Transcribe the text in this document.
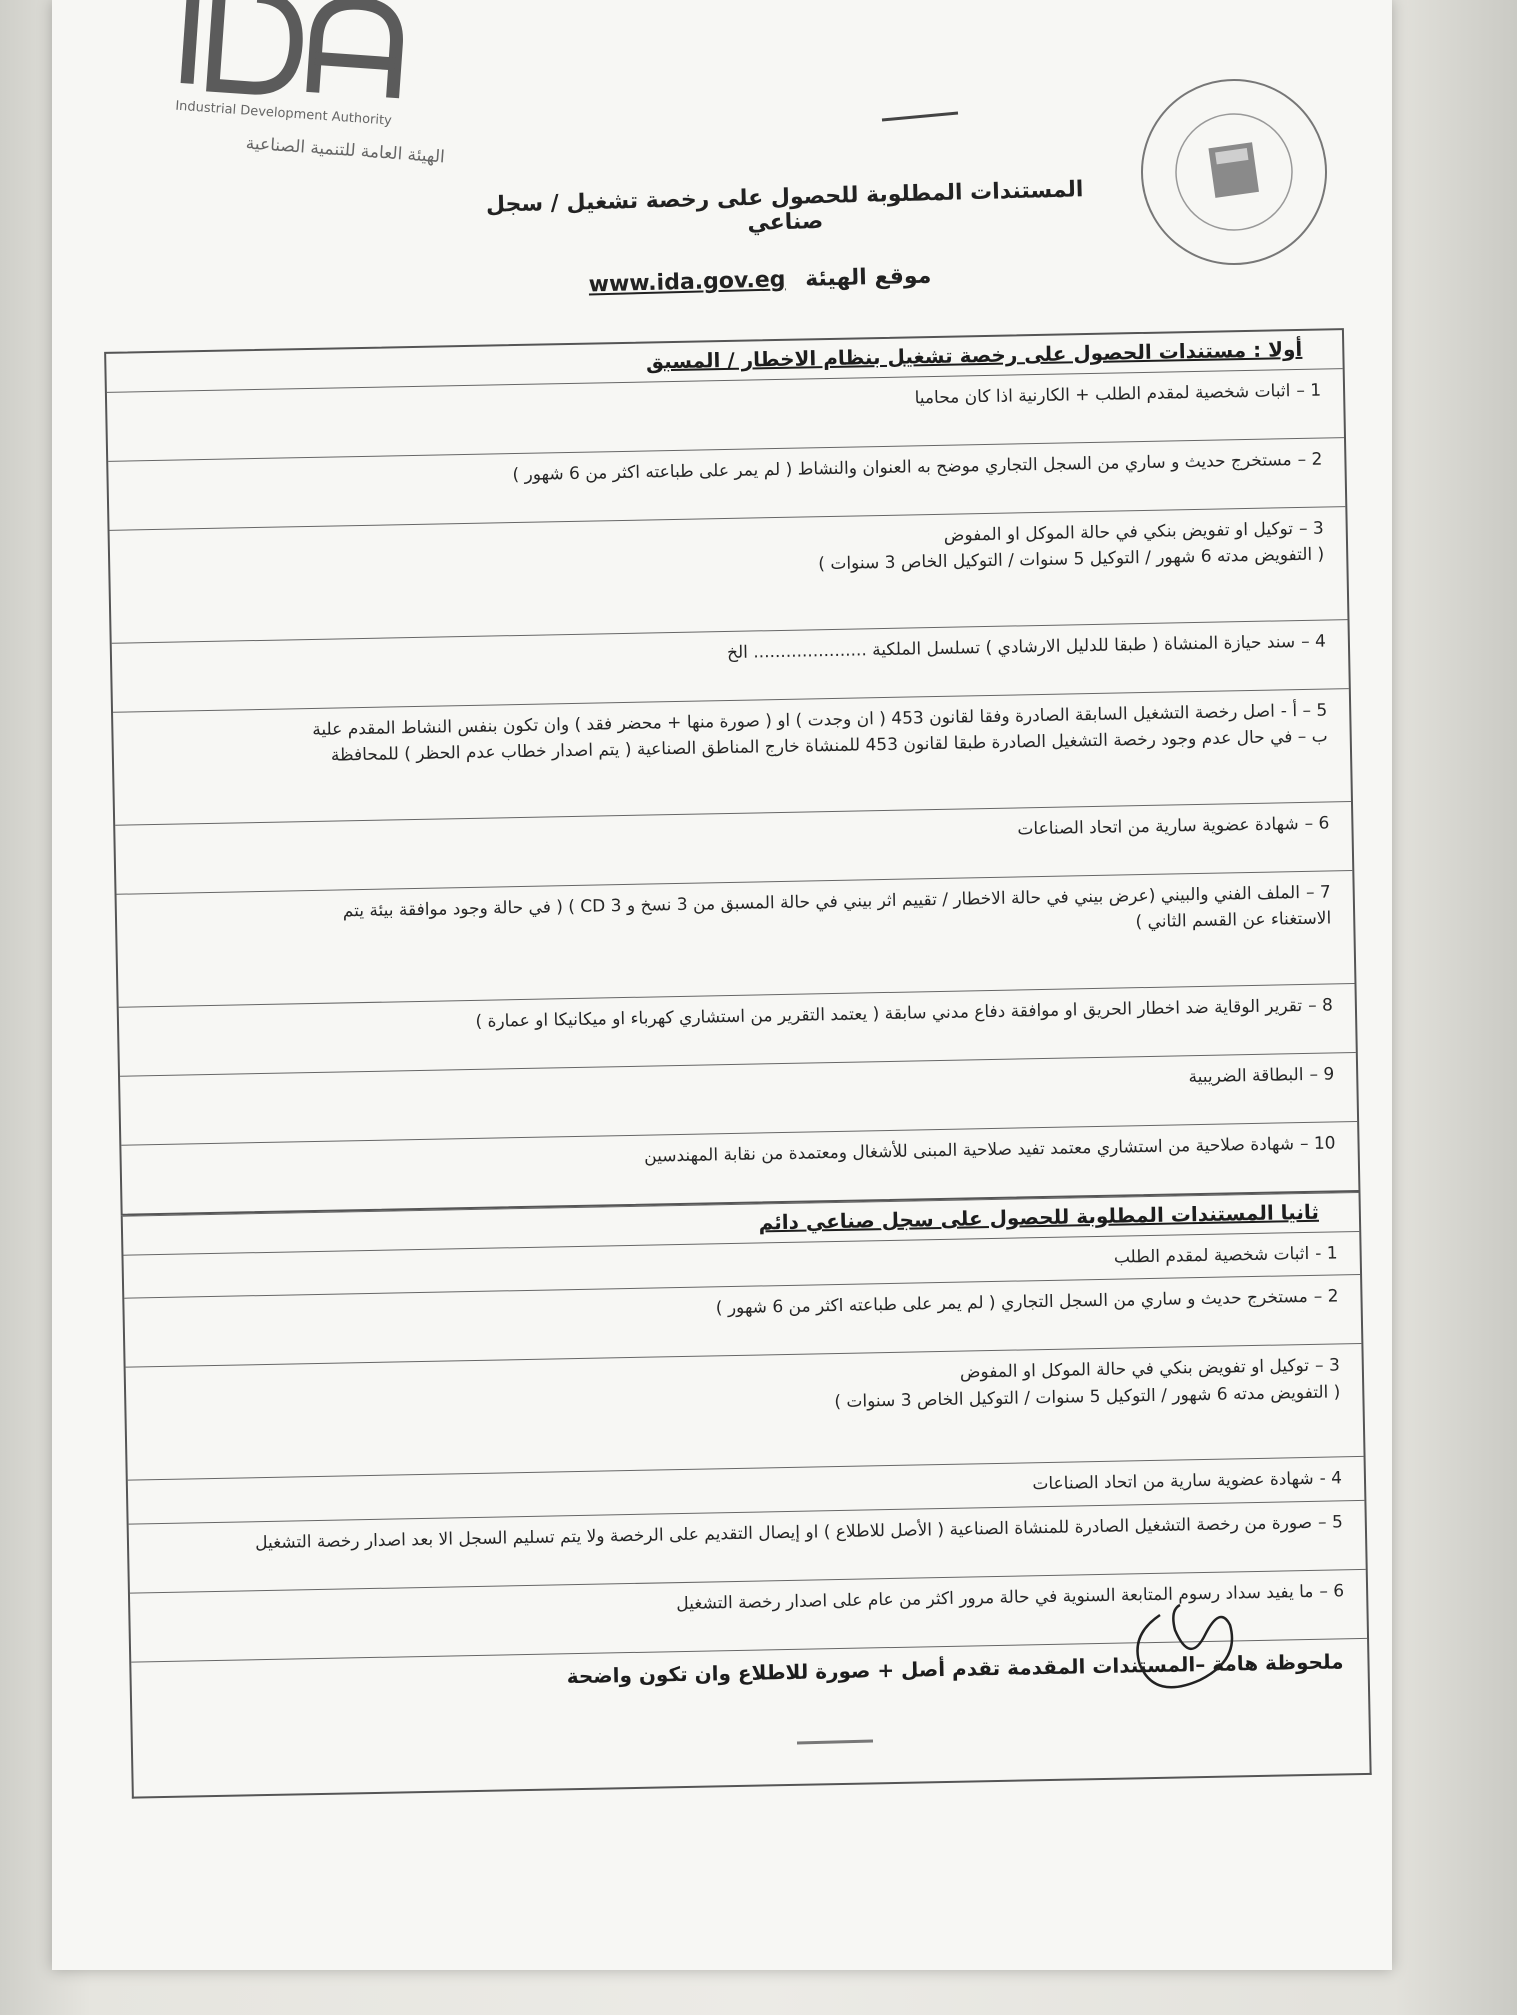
Industrial Development Authority
الهيئة العامة للتنمية الصناعية
المستندات المطلوبة للحصول على رخصة تشغيل / سجل صناعي
موقع الهيئة www.ida.gov.eg
أولا : مستندات الحصول على رخصة تشغيل بنظام الاخطار / المسبق
1 –اثبات شخصية لمقدم الطلب + الكارنية اذا كان محاميا
2 –مستخرج حديث و ساري من السجل التجاري موضح به العنوان والنشاط ( لم يمر على طباعته اكثر من 6 شهور )
3 –توكيل او تفويض بنكي في حالة الموكل او المفوض
( التفويض مدته 6 شهور / التوكيل 5 سنوات / التوكيل الخاص 3 سنوات )
4 –سند حيازة المنشاة ( طبقا للدليل الارشادي ) تسلسل الملكية ..................... الخ
5 – أ -اصل رخصة التشغيل السابقة الصادرة وفقا لقانون 453 ( ان وجدت ) او ( صورة منها + محضر فقد ) وان تكون بنفس النشاط المقدم علية
ب – في حال عدم وجود رخصة التشغيل الصادرة طبقا لقانون 453 للمنشاة خارج المناطق الصناعية ( يتم اصدار خطاب عدم الحظر ) للمحافظة
6 –شهادة عضوية سارية من اتحاد الصناعات
7 –الملف الفني والبيني (عرض بيني في حالة الاخطار / تقييم اثر بيني في حالة المسبق من 3 نسخ و CD 3 ) ( في حالة وجود موافقة بيئة يتم
الاستغناء عن القسم الثاني )
8 –تقرير الوقاية ضد اخطار الحريق او موافقة دفاع مدني سابقة ( يعتمد التقرير من استشاري كهرباء او ميكانيكا او عمارة )
9 –البطاقة الضريبية
10 –شهادة صلاحية من استشاري معتمد تفيد صلاحية المبنى للأشغال ومعتمدة من نقابة المهندسين
ثانيا المستندات المطلوبة للحصول على سجل صناعي دائم
1 -اثبات شخصية لمقدم الطلب
2 –مستخرج حديث و ساري من السجل التجاري ( لم يمر على طباعته اكثر من 6 شهور )
3 –توكيل او تفويض بنكي في حالة الموكل او المفوض
( التفويض مدته 6 شهور / التوكيل 5 سنوات / التوكيل الخاص 3 سنوات )
4 -شهادة عضوية سارية من اتحاد الصناعات
5 –صورة من رخصة التشغيل الصادرة للمنشاة الصناعية ( الأصل للاطلاع ) او إيصال التقديم على الرخصة ولا يتم تسليم السجل الا بعد اصدار رخصة التشغيل
6 –ما يفيد سداد رسوم المتابعة السنوية في حالة مرور اكثر من عام على اصدار رخصة التشغيل
ملحوظة هامة –المستندات المقدمة تقدم أصل + صورة للاطلاع وان تكون واضحة
